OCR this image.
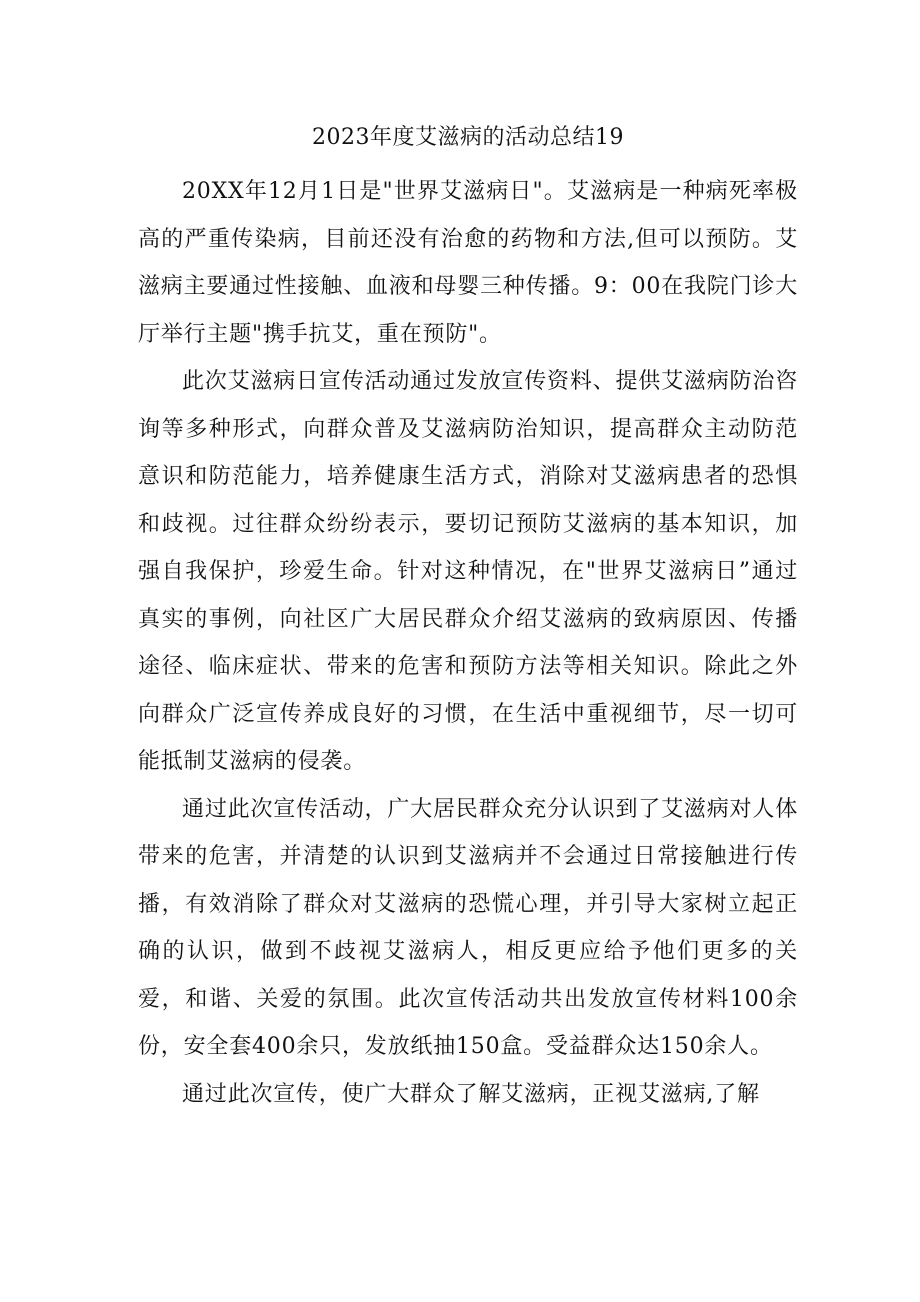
2023年度艾滋病的活动总结19

20XX年12月1日是"世界艾滋病日"。艾滋病是一种病死率极高的严重传染病，目前还没有治愈的药物和方法,但可以预防。艾滋病主要通过性接触、血液和母婴三种传播。9：00在我院门诊大厅举行主题"携手抗艾，重在预防"。

此次艾滋病日宣传活动通过发放宣传资料、提供艾滋病防治咨询等多种形式，向群众普及艾滋病防治知识，提高群众主动防范意识和防范能力，培养健康生活方式，消除对艾滋病患者的恐惧和歧视。过往群众纷纷表示，要切记预防艾滋病的基本知识，加强自我保护，珍爱生命。针对这种情况，在"世界艾滋病日”通过真实的事例，向社区广大居民群众介绍艾滋病的致病原因、传播途径、临床症状、带来的危害和预防方法等相关知识。除此之外向群众广泛宣传养成良好的习惯，在生活中重视细节，尽一切可能抵制艾滋病的侵袭。

通过此次宣传活动，广大居民群众充分认识到了艾滋病对人体带来的危害，并清楚的认识到艾滋病并不会通过日常接触进行传播，有效消除了群众对艾滋病的恐慌心理，并引导大家树立起正确的认识，做到不歧视艾滋病人，相反更应给予他们更多的关爱，和谐、关爱的氛围。此次宣传活动共出发放宣传材料100余份，安全套400余只，发放纸抽150盒。受益群众达150余人。

通过此次宣传，使广大群众了解艾滋病，正视艾滋病,了解
